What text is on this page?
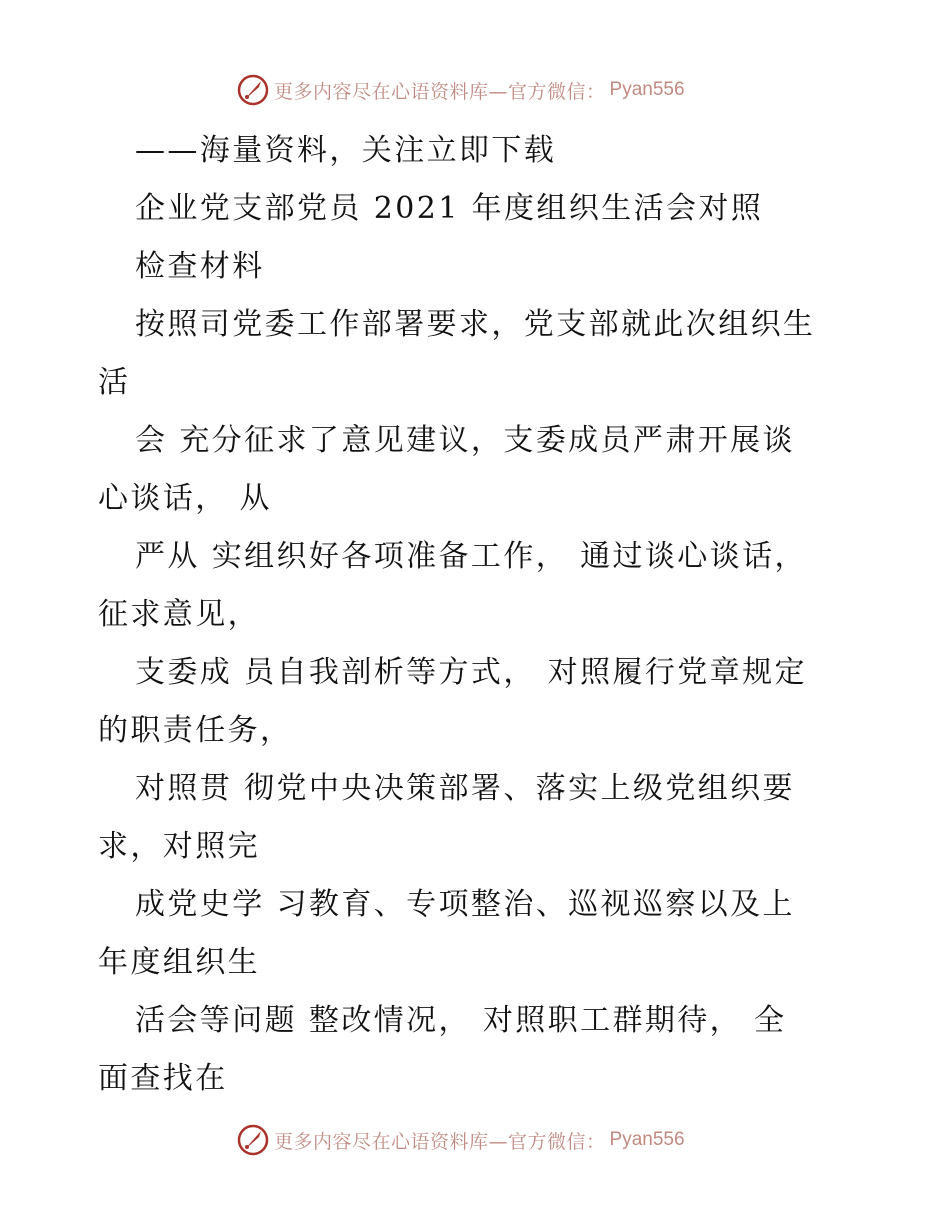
更多内容尽在心语资料库—官方微信： Pyan556
——海量资料，关注立即下载
企业党支部党员 2021 年度组织生活会对照
检查材料
按照司党委工作部署要求，党支部就此次组织生
活
会 充分征求了意见建议，支委成员严肃开展谈
心谈话， 从
严从 实组织好各项准备工作， 通过谈心谈话，
征求意见，
支委成 员自我剖析等方式， 对照履行党章规定
的职责任务，
对照贯 彻党中央决策部署、落实上级党组织要
求，对照完
成党史学 习教育、专项整治、巡视巡察以及上
年度组织生
活会等问题 整改情况， 对照职工群期待， 全
面查找在
更多内容尽在心语资料库—官方微信： Pyan556
